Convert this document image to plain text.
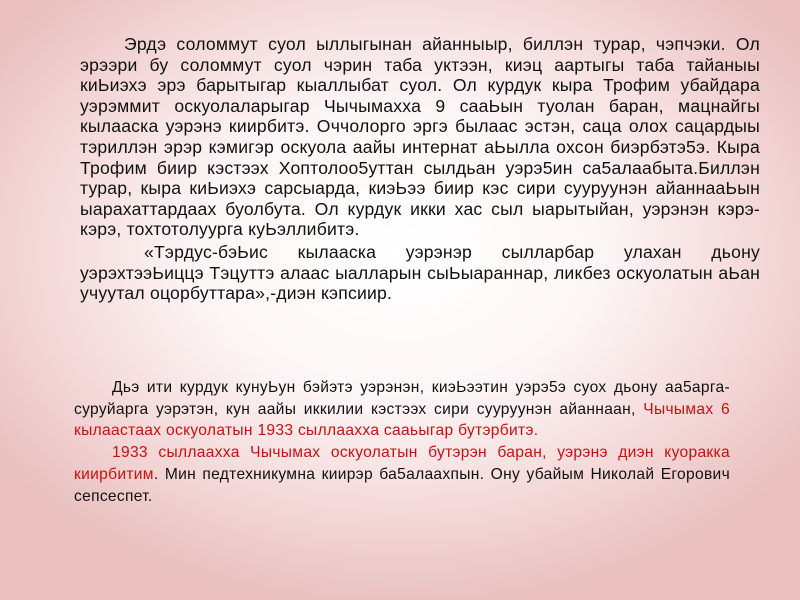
Эрдэ соломмут суол ыллыгынан айанныыр, биллэн турар, чэпчэки. Ол эрээри бу соломмут суол чэрин таба уктээн, киэц аартыгы таба тайаныы киЬиэхэ эрэ барытыгар кыаллыбат суол. Ол курдук кыра Трофим убайдара уэрэммит оскуолаларыгар Чычымахха 9 сааЬын туолан баран, мацнайгы кылааска уэрэнэ киирбитэ. Оччолорго эргэ былаас эстэн, саца олох сацардыы тэриллэн эрэр кэмигэр оскуола аайы интернат аЬылла охсон биэрбэтэ5э. Кыра Трофим биир кэстээх Хоптолоо5уттан сылдьан уэрэ5ин са5алаабыта.Биллэн турар, кыра киЬиэхэ сарсыарда, киэЬээ биир кэс сири сууруунэн айаннааЬын ыарахаттардаах буолбута. Ол курдук икки хас сыл ыарытыйан, уэрэнэн кэрэ-кэрэ, тохтотолуурга куЬэллибитэ.

«Тэрдус-бэЬис кылааска уэрэнэр сылларбар улахан дьону уэрэхтээЬиццэ Тэцуттэ алаас ыалларын сыЬыараннар, ликбез оскуолатын аЬан учуутал оцорбуттара»,-диэн кэпсиир.

Дьэ ити курдук кунуЬун бэйэтэ уэрэнэн, киэЬээтин уэрэ5э суох дьону аа5арга-суруйарга уэрэтэн, кун аайы иккилии кэстээх сири сууруунэн айаннаан, Чычымах 6 кылаастаах оскуолатын 1933 сыллаахха сааьыгар бутэрбитэ.

1933 сыллаахха Чычымах оскуолатын бутэрэн баран, уэрэнэ диэн куоракка киирбитим. Мин педтехникумна киирэр ба5алаахпын. Ону убайым Николай Егорович сепсеспет.
